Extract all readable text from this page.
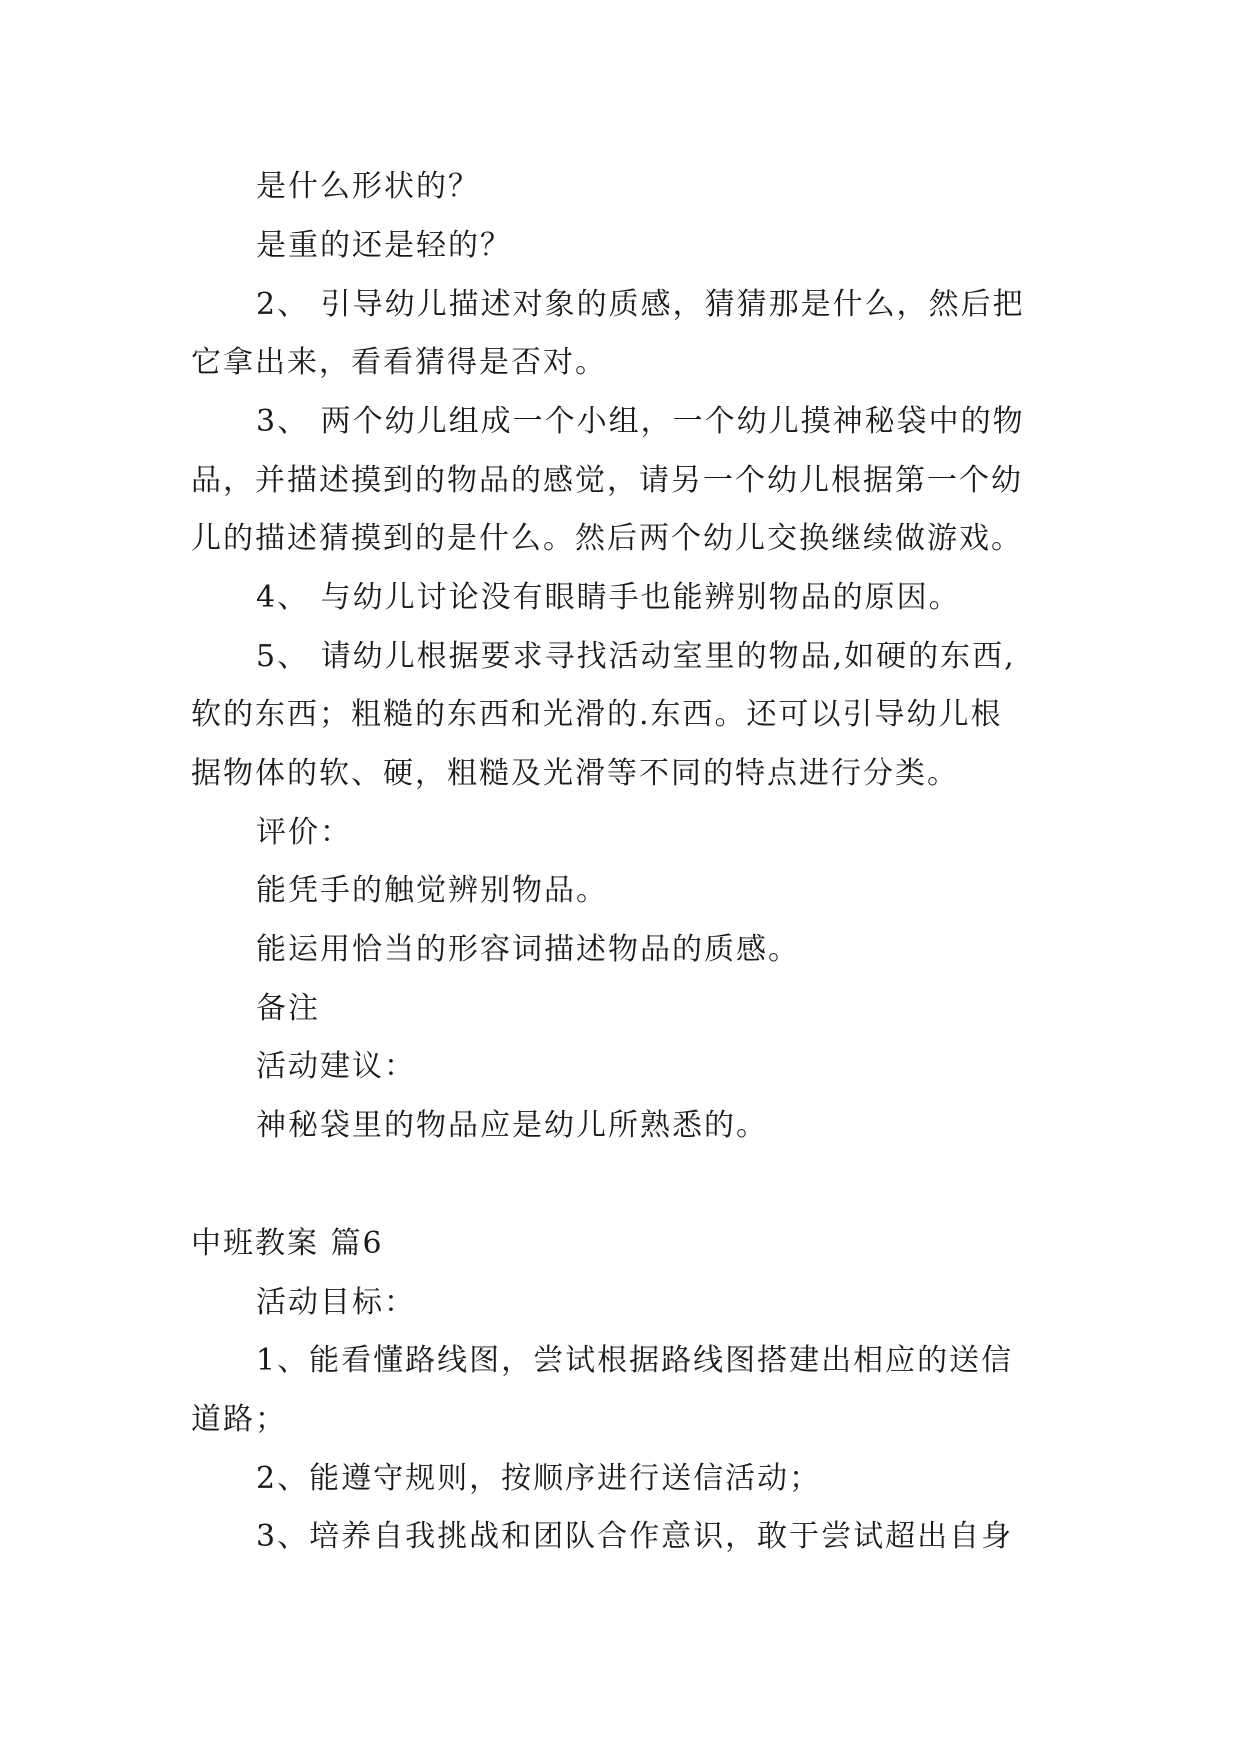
是什么形状的？
是重的还是轻的？
2、 引导幼儿描述对象的质感，猜猜那是什么，然后把
它拿出来，看看猜得是否对。
3、 两个幼儿组成一个小组，一个幼儿摸神秘袋中的物
品，并描述摸到的物品的感觉，请另一个幼儿根据第一个幼
儿的描述猜摸到的是什么。然后两个幼儿交换继续做游戏。
4、 与幼儿讨论没有眼睛手也能辨别物品的原因。
5、 请幼儿根据要求寻找活动室里的物品,如硬的东西,
软的东西；粗糙的东西和光滑的.东西。还可以引导幼儿根
据物体的软、硬，粗糙及光滑等不同的特点进行分类。
评价：
能凭手的触觉辨别物品。
能运用恰当的形容词描述物品的质感。
备注
活动建议：
神秘袋里的物品应是幼儿所熟悉的。
中班教案 篇6
活动目标：
1、能看懂路线图，尝试根据路线图搭建出相应的送信
道路；
2、能遵守规则，按顺序进行送信活动；
3、培养自我挑战和团队合作意识，敢于尝试超出自身
